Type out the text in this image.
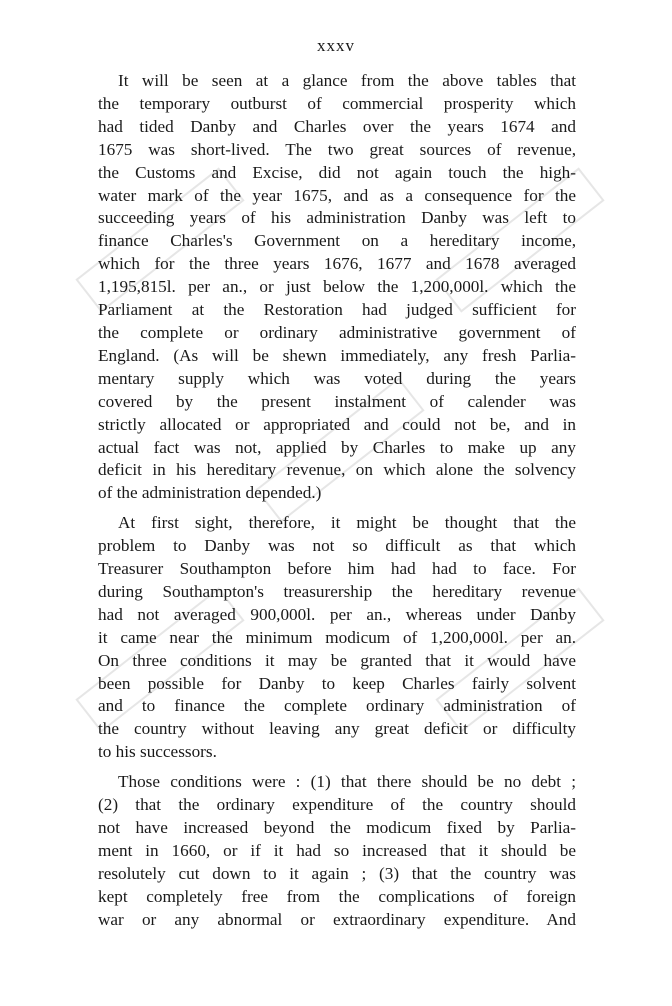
xxxv
It will be seen at a glance from the above tables that
the temporary outburst of commercial prosperity which
had tided Danby and Charles over the years 1674 and
1675 was short-lived. The two great sources of revenue,
the Customs and Excise, did not again touch the high-
water mark of the year 1675, and as a consequence for the
succeeding years of his administration Danby was left to
finance Charles's Government on a hereditary income,
which for the three years 1676, 1677 and 1678 averaged
1,195,815l. per an., or just below the 1,200,000l. which the
Parliament at the Restoration had judged sufficient for
the complete or ordinary administrative government of
England. (As will be shewn immediately, any fresh Parlia-
mentary supply which was voted during the years
covered by the present instalment of calender was
strictly allocated or appropriated and could not be, and in
actual fact was not, applied by Charles to make up any
deficit in his hereditary revenue, on which alone the solvency
of the administration depended.)
At first sight, therefore, it might be thought that the
problem to Danby was not so difficult as that which
Treasurer Southampton before him had had to face. For
during Southampton's treasurership the hereditary revenue
had not averaged 900,000l. per an., whereas under Danby
it came near the minimum modicum of 1,200,000l. per an.
On three conditions it may be granted that it would have
been possible for Danby to keep Charles fairly solvent
and to finance the complete ordinary administration of
the country without leaving any great deficit or difficulty
to his successors.
Those conditions were : (1) that there should be no debt ;
(2) that the ordinary expenditure of the country should
not have increased beyond the modicum fixed by Parlia-
ment in 1660, or if it had so increased that it should be
resolutely cut down to it again ; (3) that the country was
kept completely free from the complications of foreign
war or any abnormal or extraordinary expenditure. And
